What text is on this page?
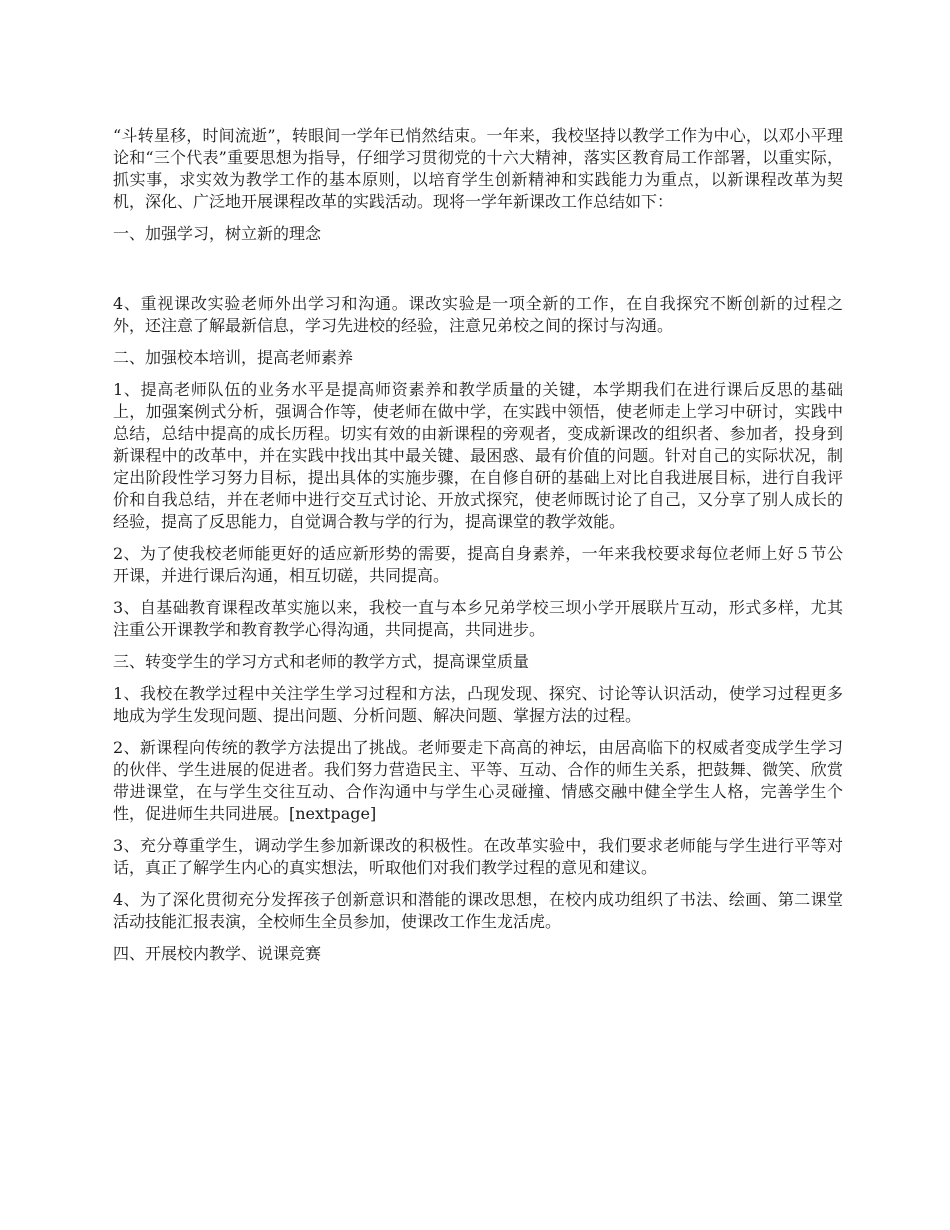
“斗转星移，时间流逝”，转眼间一学年已悄然结束。一年来，我校坚持以教学工作为中心，以邓小平理论和“三个代表”重要思想为指导，仔细学习贯彻党的十六大精神，落实区教育局工作部署，以重实际，抓实事，求实效为教学工作的基本原则，以培育学生创新精神和实践能力为重点，以新课程改革为契机，深化、广泛地开展课程改革的实践活动。现将一学年新课改工作总结如下：

一、加强学习，树立新的理念

4、重视课改实验老师外出学习和沟通。课改实验是一项全新的工作，在自我探究不断创新的过程之外，还注意了解最新信息，学习先进校的经验，注意兄弟校之间的探讨与沟通。

二、加强校本培训，提高老师素养

1、提高老师队伍的业务水平是提高师资素养和教学质量的关键，本学期我们在进行课后反思的基础上，加强案例式分析，强调合作等，使老师在做中学，在实践中领悟，使老师走上学习中研讨，实践中总结，总结中提高的成长历程。切实有效的由新课程的旁观者，变成新课改的组织者、参加者，投身到新课程中的改革中，并在实践中找出其中最关键、最困惑、最有价值的问题。针对自己的实际状况，制定出阶段性学习努力目标，提出具体的实施步骤，在自修自研的基础上对比自我进展目标，进行自我评价和自我总结，并在老师中进行交互式讨论、开放式探究，使老师既讨论了自己，又分享了别人成长的经验，提高了反思能力，自觉调合教与学的行为，提高课堂的教学效能。

2、为了使我校老师能更好的适应新形势的需要，提高自身素养，一年来我校要求每位老师上好５节公开课，并进行课后沟通，相互切磋，共同提高。

3、自基础教育课程改革实施以来，我校一直与本乡兄弟学校三坝小学开展联片互动，形式多样，尤其注重公开课教学和教育教学心得沟通，共同提高，共同进步。

三、转变学生的学习方式和老师的教学方式，提高课堂质量

1、我校在教学过程中关注学生学习过程和方法，凸现发现、探究、讨论等认识活动，使学习过程更多地成为学生发现问题、提出问题、分析问题、解决问题、掌握方法的过程。

2、新课程向传统的教学方法提出了挑战。老师要走下高高的神坛，由居高临下的权威者变成学生学习的伙伴、学生进展的促进者。我们努力营造民主、平等、互动、合作的师生关系，把鼓舞、微笑、欣赏带进课堂，在与学生交往互动、合作沟通中与学生心灵碰撞、情感交融中健全学生人格，完善学生个性，促进师生共同进展。[nextpage]

3、充分尊重学生，调动学生参加新课改的积极性。在改革实验中，我们要求老师能与学生进行平等对话，真正了解学生内心的真实想法，听取他们对我们教学过程的意见和建议。

4、为了深化贯彻充分发挥孩子创新意识和潜能的课改思想，在校内成功组织了书法、绘画、第二课堂活动技能汇报表演，全校师生全员参加，使课改工作生龙活虎。

四、开展校内教学、说课竞赛
